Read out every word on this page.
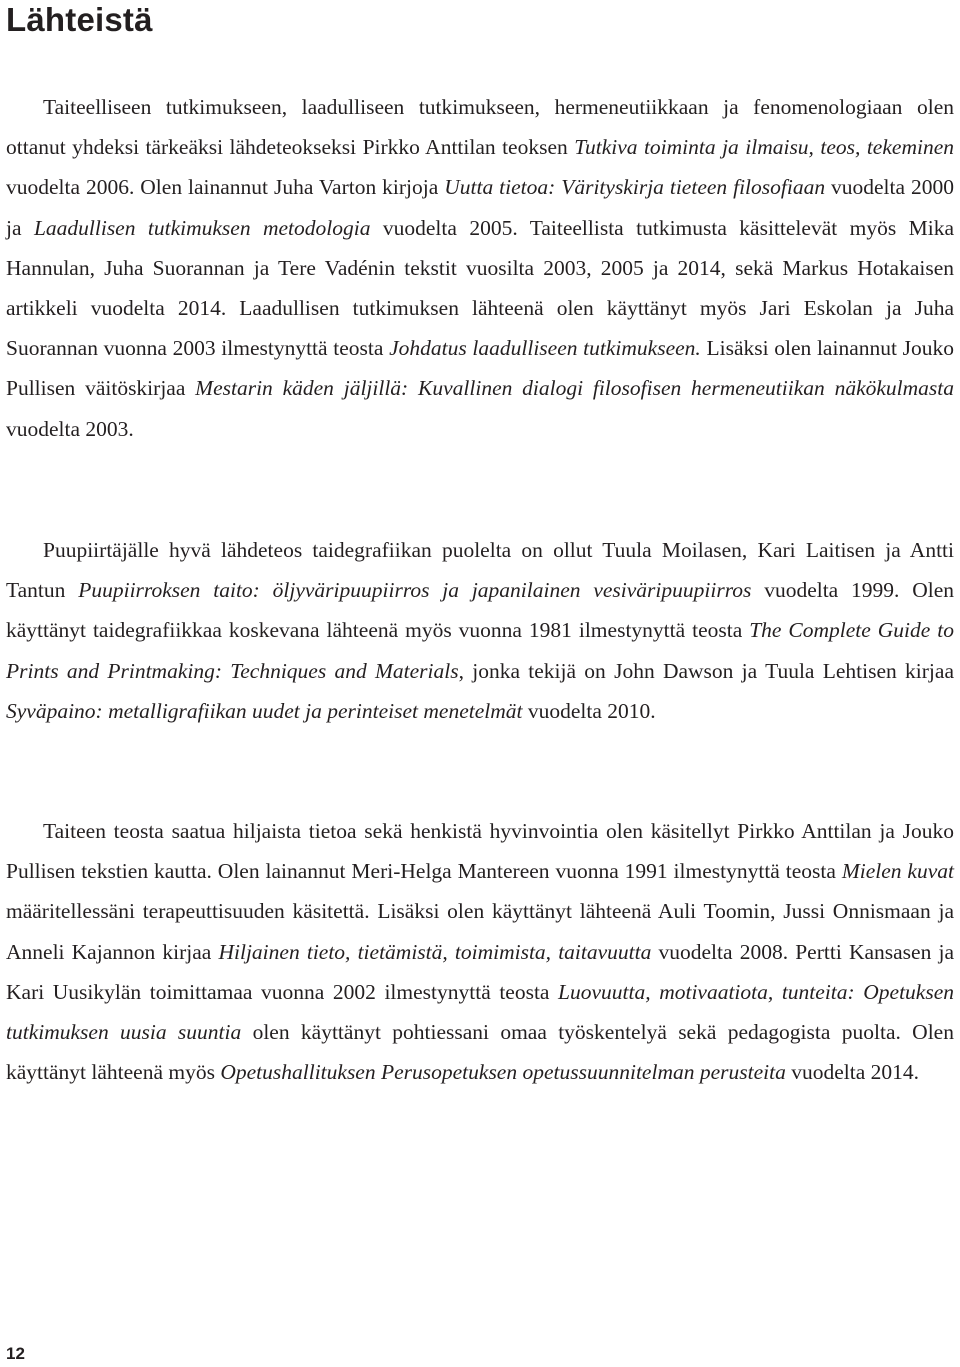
Lähteistä

Taiteelliseen tutkimukseen, laadulliseen tutkimukseen, hermeneutiikkaan ja fenomenologiaan olen ottanut yhdeksi tärkeäksi lähdeteokseksi Pirkko Anttilan teoksen Tutkiva toiminta ja ilmaisu, teos, tekeminen vuodelta 2006. Olen lainannut Juha Varton kirjoja Uutta tietoa: Värityskirja tieteen filosofiaan vuodelta 2000 ja Laadullisen tutkimuksen metodologia vuodelta 2005. Taiteellista tutkimusta käsittelevät myös Mika Hannulan, Juha Suorannan ja Tere Vadénin tekstit vuosilta 2003, 2005 ja 2014, sekä Markus Hotakaisen artikkeli vuodelta 2014. Laadullisen tutkimuksen lähteenä olen käyttänyt myös Jari Eskolan ja Juha Suorannan vuonna 2003 ilmestynyttä teosta Johdatus laadulliseen tutkimukseen. Lisäksi olen lainannut Jouko Pullisen väitöskirjaa Mestarin käden jäljillä: Kuvallinen dialogi filosofisen hermeneutiikan näkökulmasta vuodelta 2003.

Puupiirtäjälle hyvä lähdeteos taidegrafiikan puolelta on ollut Tuula Moilasen, Kari Laitisen ja Antti Tantun Puupiirroksen taito: öljyväripuupiirros ja japanilainen vesiväripuupiirros vuodelta 1999. Olen käyttänyt taidegrafiikkaa koskevana lähteenä myös vuonna 1981 ilmestynyttä teosta The Complete Guide to Prints and Printmaking: Techniques and Materials, jonka tekijä on John Dawson ja Tuula Lehtisen kirjaa Syväpaino: metalligrafiikan uudet ja perinteiset menetelmät vuodelta 2010.

Taiteen teosta saatua hiljaista tietoa sekä henkistä hyvinvointia olen käsitellyt Pirkko Anttilan ja Jouko Pullisen tekstien kautta. Olen lainannut Meri-Helga Mantereen vuonna 1991 ilmestynyttä teosta Mielen kuvat määritellessäni terapeuttisuuden käsitettä. Lisäksi olen käyttänyt lähteenä Auli Toomin, Jussi Onnismaan ja Anneli Kajannon kirjaa Hiljainen tieto, tietämistä, toimimista, taitavuutta vuodelta 2008. Pertti Kansasen ja Kari Uusikylän toimittamaa vuonna 2002 ilmestynyttä teosta Luovuutta, motivaatiota, tunteita: Opetuksen tutkimuksen uusia suuntia olen käyttänyt pohtiessani omaa työskentelyä sekä pedagogista puolta. Olen käyttänyt lähteenä myös Opetushallituksen Perusopetuksen opetussuunnitelman perusteita vuodelta 2014.

12
